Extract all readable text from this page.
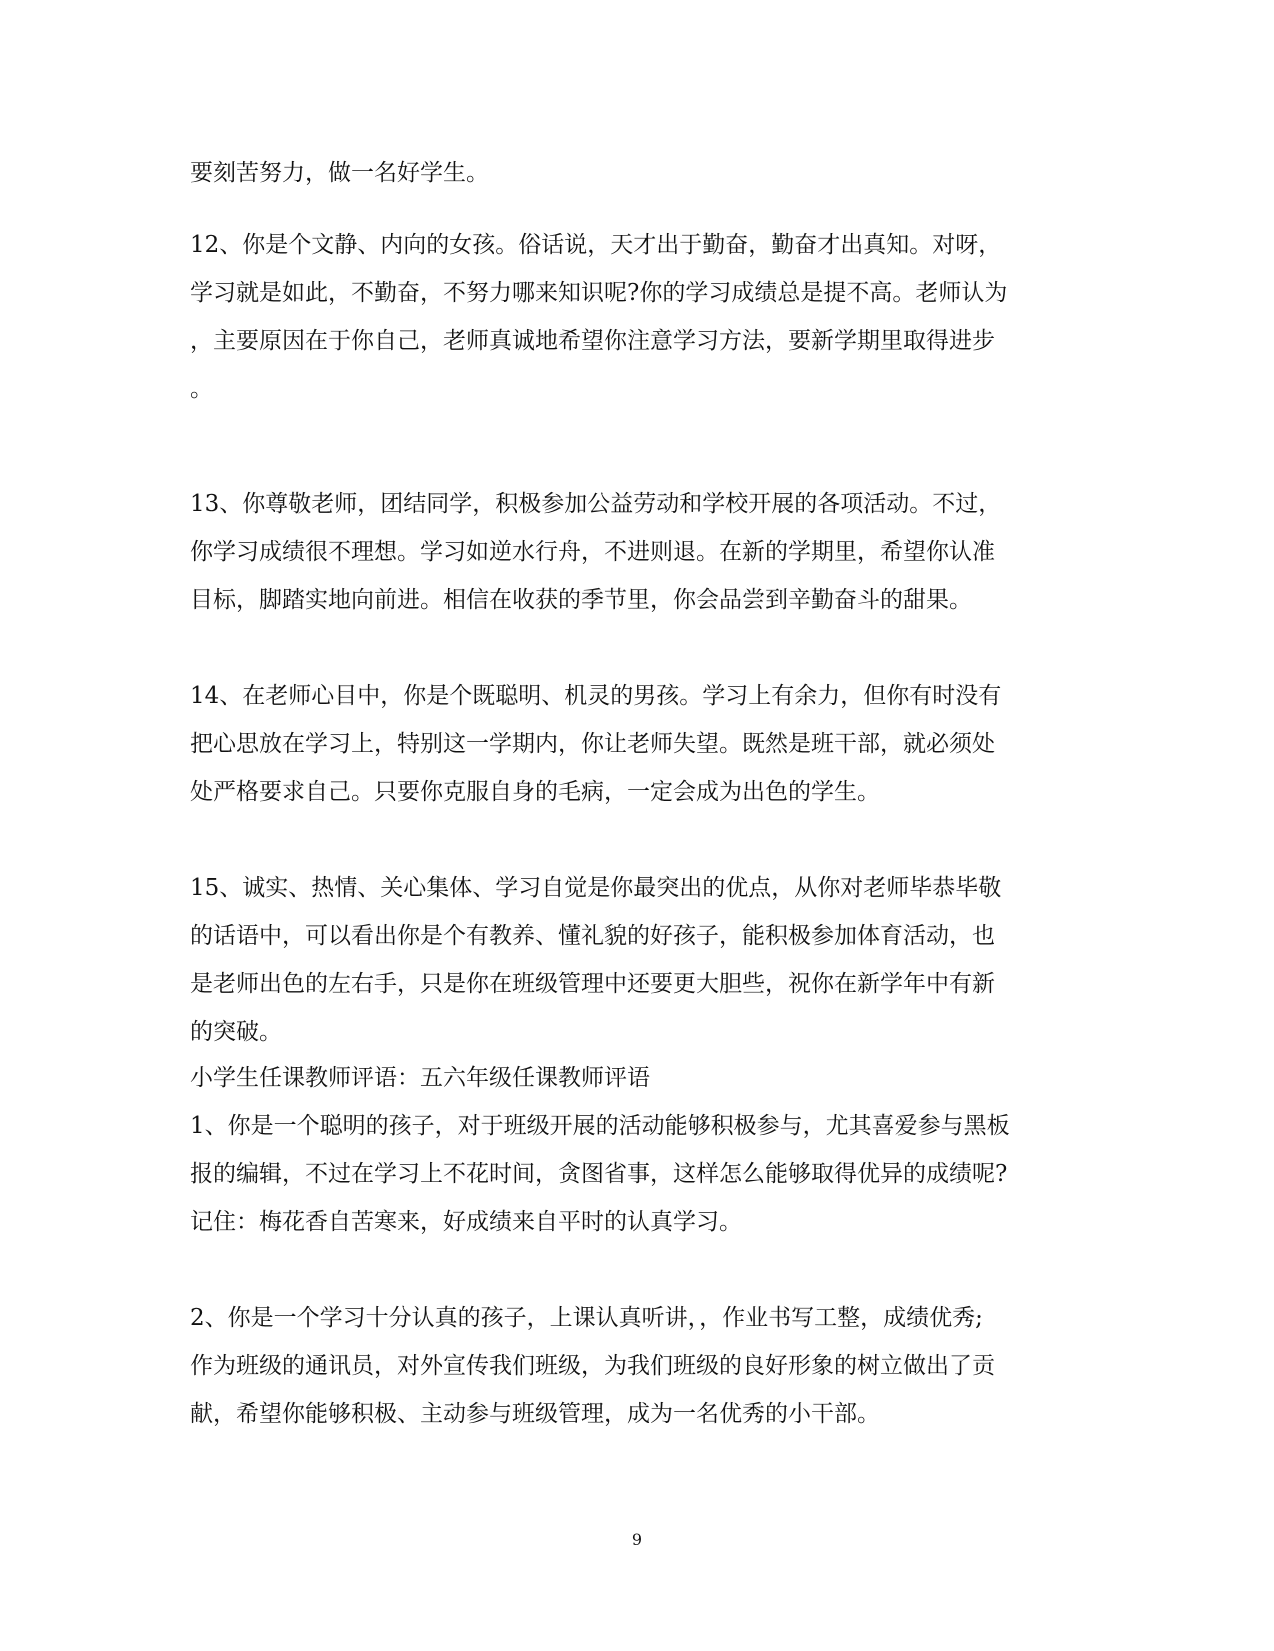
要刻苦努力，做一名好学生。
12、你是个文静、内向的女孩。俗话说，天才出于勤奋，勤奋才出真知。对呀，
学习就是如此，不勤奋，不努力哪来知识呢?你的学习成绩总是提不高。老师认为
，主要原因在于你自己，老师真诚地希望你注意学习方法，要新学期里取得进步
。
13、你尊敬老师，团结同学，积极参加公益劳动和学校开展的各项活动。不过，
你学习成绩很不理想。学习如逆水行舟，不进则退。在新的学期里，希望你认准
目标，脚踏实地向前进。相信在收获的季节里，你会品尝到辛勤奋斗的甜果。
14、在老师心目中，你是个既聪明、机灵的男孩。学习上有余力，但你有时没有
把心思放在学习上，特别这一学期内，你让老师失望。既然是班干部，就必须处
处严格要求自己。只要你克服自身的毛病，一定会成为出色的学生。
15、诚实、热情、关心集体、学习自觉是你最突出的优点，从你对老师毕恭毕敬
的话语中，可以看出你是个有教养、懂礼貌的好孩子，能积极参加体育活动，也
是老师出色的左右手，只是你在班级管理中还要更大胆些，祝你在新学年中有新
的突破。
小学生任课教师评语：五六年级任课教师评语
1、你是一个聪明的孩子，对于班级开展的活动能够积极参与，尤其喜爱参与黑板
报的编辑，不过在学习上不花时间，贪图省事，这样怎么能够取得优异的成绩呢?
记住：梅花香自苦寒来，好成绩来自平时的认真学习。
2、你是一个学习十分认真的孩子，上课认真听讲，，作业书写工整，成绩优秀;
作为班级的通讯员，对外宣传我们班级，为我们班级的良好形象的树立做出了贡
献，希望你能够积极、主动参与班级管理，成为一名优秀的小干部。
9
